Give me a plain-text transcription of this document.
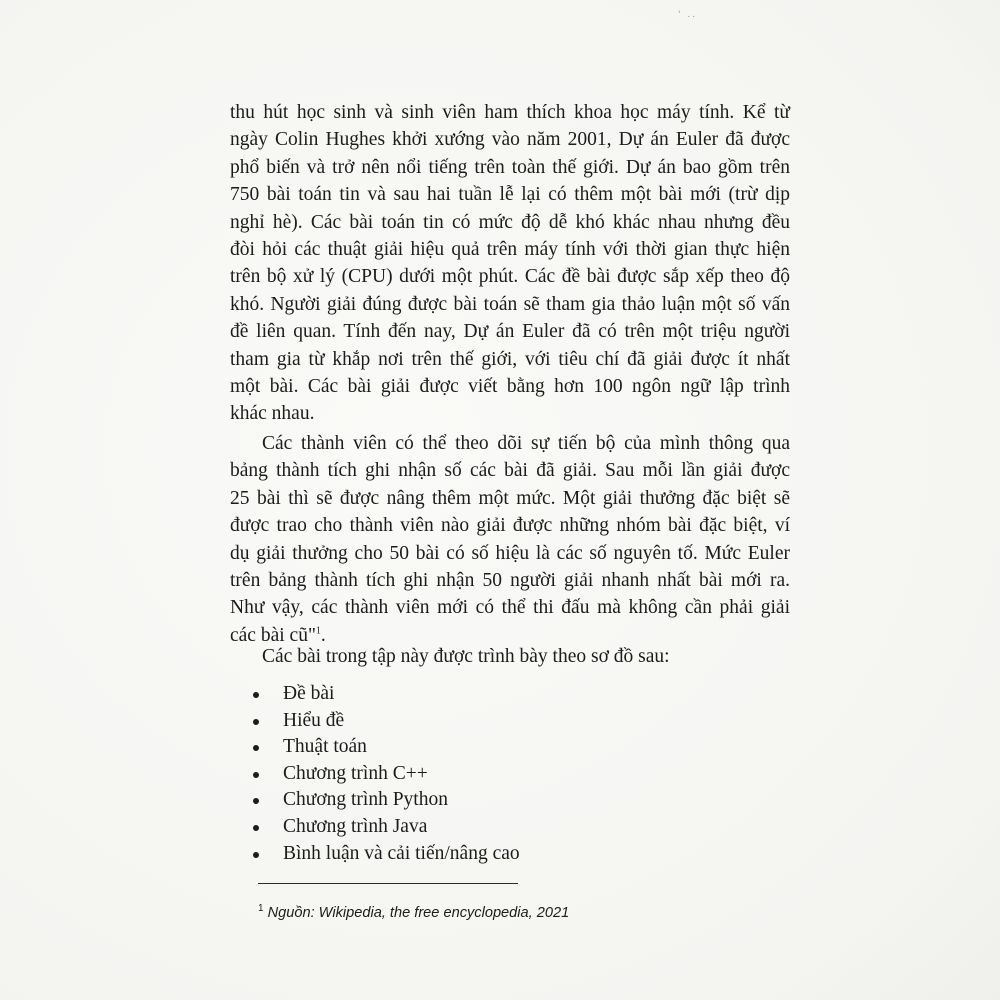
' ..
thu hút học sinh và sinh viên ham thích khoa học máy tính. Kể từ
ngày Colin Hughes khởi xướng vào năm 2001, Dự án Euler đã được
phổ biến và trở nên nổi tiếng trên toàn thế giới. Dự án bao gồm trên
750 bài toán tin và sau hai tuần lễ lại có thêm một bài mới (trừ dịp
nghỉ hè). Các bài toán tin có mức độ dễ khó khác nhau nhưng đều
đòi hỏi các thuật giải hiệu quả trên máy tính với thời gian thực hiện
trên bộ xử lý (CPU) dưới một phút. Các đề bài được sắp xếp theo độ
khó. Người giải đúng được bài toán sẽ tham gia thảo luận một số vấn
đề liên quan. Tính đến nay, Dự án Euler đã có trên một triệu người
tham gia từ khắp nơi trên thế giới, với tiêu chí đã giải được ít nhất
một bài. Các bài giải được viết bằng hơn 100 ngôn ngữ lập trình
khác nhau.
Các thành viên có thể theo dõi sự tiến bộ của mình thông qua
bảng thành tích ghi nhận số các bài đã giải. Sau mỗi lần giải được
25 bài thì sẽ được nâng thêm một mức. Một giải thưởng đặc biệt sẽ
được trao cho thành viên nào giải được những nhóm bài đặc biệt, ví
dụ giải thưởng cho 50 bài có số hiệu là các số nguyên tố. Mức Euler
trên bảng thành tích ghi nhận 50 người giải nhanh nhất bài mới ra.
Như vậy, các thành viên mới có thể thi đấu mà không cần phải giải
các bài cũ"$^1$.
Các bài trong tập này được trình bày theo sơ đồ sau:
Đề bài
Hiểu đề
Thuật toán
Chương trình C++
Chương trình Python
Chương trình Java
Bình luận và cải tiến/nâng cao
$^1$ Nguồn: Wikipedia, the free encyclopedia, 2021
